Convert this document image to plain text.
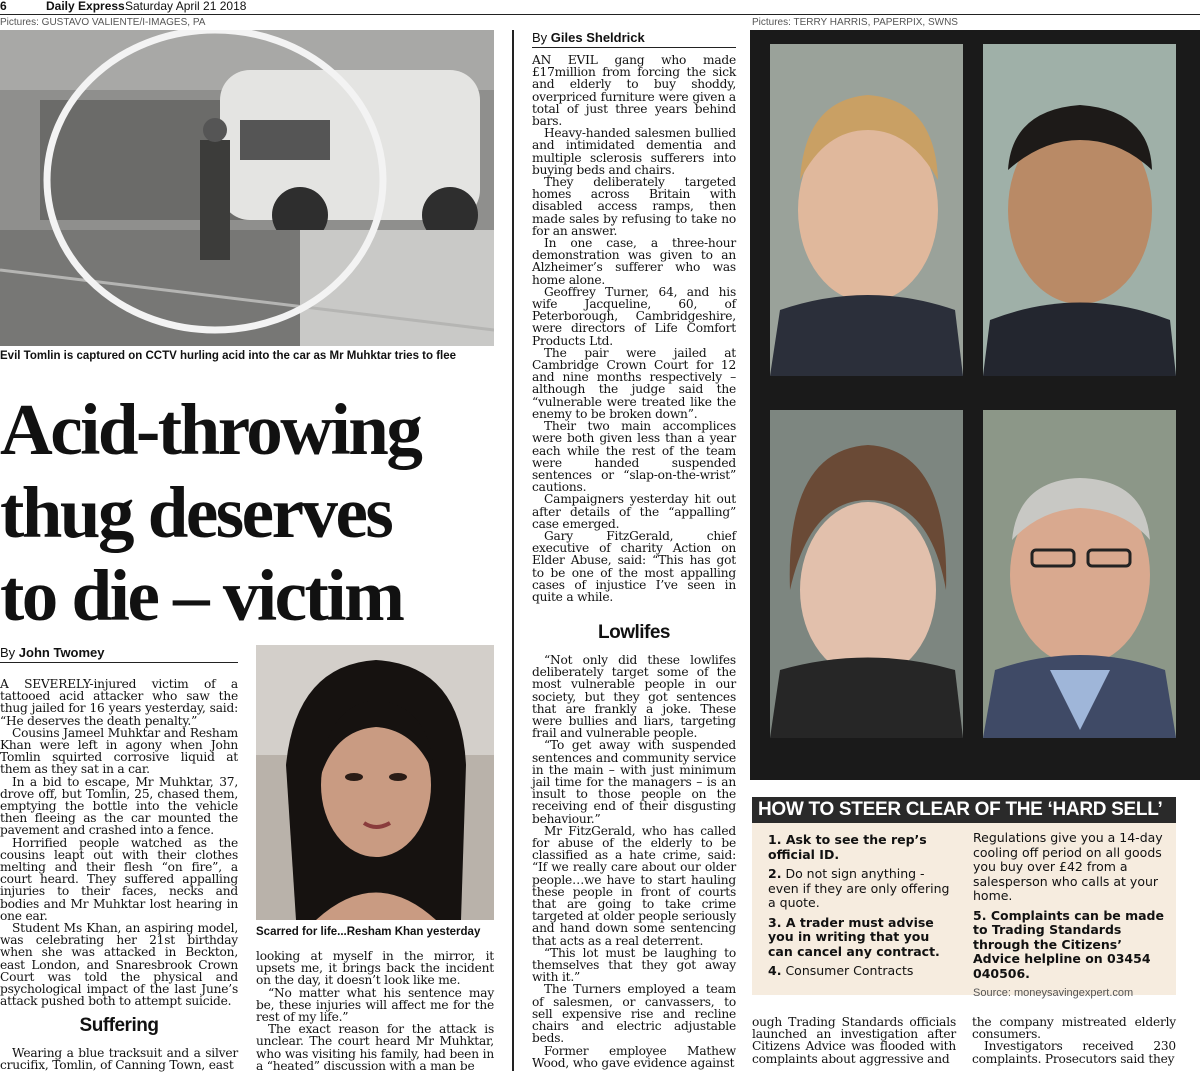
6	Daily Express Saturday April 21 2018
Pictures: GUSTAVO VALIENTE/I-IMAGES, PA
Evil Tomlin is captured on CCTV hurling acid into the car as Mr Muhktar tries to flee
Acid-throwing
thug deserves
to die – victim
By John Twomey

A SEVERELY-injured victim of a tattooed acid attacker who saw the thug jailed for 16 years yesterday, said: “He deserves the death penalty.”

Cousins Jameel Muhktar and Resham Khan were left in agony when John Tomlin squirted corrosive liquid at them as they sat in a car.

In a bid to escape, Mr Muhktar, 37, drove off, but Tomlin, 25, chased them, emptying the bottle into the vehicle then fleeing as the car mounted the pavement and crashed into a fence.

Horrified people watched as the cousins leapt out with their clothes melting and their flesh “on fire”, a court heard. They suffered appalling injuries to their faces, necks and bodies and Mr Muhktar lost hearing in one ear.

Student Ms Khan, an aspiring model, was celebrating her 21st birthday when she was attacked in Beckton, east London, and Snaresbrook Crown Court was told the physical and psychological impact of the last June’s attack pushed both to attempt suicide.

Suffering

Wearing a blue tracksuit and a silver crucifix, Tomlin, of Canning Town, east

Scarred for life...Resham Khan yesterday

looking at myself in the mirror, it upsets me, it brings back the incident on the day, it doesn’t look like me.

“No matter what his sentence may be, these injuries will affect me for the rest of my life.”

The exact reason for the attack is unclear. The court heard Mr Muhktar, who was visiting his family, had been in a “heated” discussion with a man be

By Giles Sheldrick

AN EVIL gang who made £17million from forcing the sick and elderly to buy shoddy, overpriced furniture were given a total of just three years behind bars.

Heavy-handed salesmen bullied and intimidated dementia and multiple sclerosis sufferers into buying beds and chairs.

They deliberately targeted homes across Britain with disabled access ramps, then made sales by refusing to take no for an answer.

In one case, a three-hour demonstration was given to an Alzheimer’s sufferer who was home alone.

Geoffrey Turner, 64, and his wife Jacqueline, 60, of Peterborough, Cambridgeshire, were directors of Life Comfort Products Ltd.

The pair were jailed at Cambridge Crown Court for 12 and nine months respectively – although the judge said the “vulnerable were treated like the enemy to be broken down”.

Their two main accomplices were both given less than a year each while the rest of the team were handed suspended sentences or “slap-on-the-wrist” cautions.

Campaigners yesterday hit out after details of the “appalling” case emerged.

Gary FitzGerald, chief executive of charity Action on Elder Abuse, said: “This has got to be one of the most appalling cases of injustice I’ve seen in quite a while.

Lowlifes

“Not only did these lowlifes deliberately target some of the most vulnerable people in our society, but they got sentences that are frankly a joke. These were bullies and liars, targeting frail and vulnerable people.

“To get away with suspended sentences and community service in the main – with just minimum jail time for the managers – is an insult to those people on the receiving end of their disgusting behaviour.”

Mr FitzGerald, who has called for abuse of the elderly to be classified as a hate crime, said: “If we really care about our older people…we have to start hauling these people in front of courts that are going to take crime targeted at older people seriously and hand down some sentencing that acts as a real deterrent.

“This lot must be laughing to themselves that they got away with it.”

The Turners employed a team of salesmen, or canvassers, to sell expensive rise and recline chairs and electric adjustable beds.

Former employee Mathew Wood, who gave evidence against

Pictures: TERRY HARRIS, PAPERPIX, SWNS
HOW TO STEER CLEAR OF THE ‘HARD SELL’
1. Ask to see the rep’s official ID.
2. Do not sign anything - even if they are only offering a quote.
3. A trader must advise you in writing that you can cancel any contract.
4. Consumer Contracts
Regulations give you a 14-day cooling off period on all goods you buy over £42 from a salesperson who calls at your home.
5. Complaints can be made to Trading Standards through the Citizens’ Advice helpline on 03454 040506.
Source: moneysavingexpert.com

ough Trading Standards officials launched an investigation after Citizens Advice was flooded with complaints about aggressive and

the company mistreated elderly consumers.

Investigators received 230 complaints. Prosecutors said they
